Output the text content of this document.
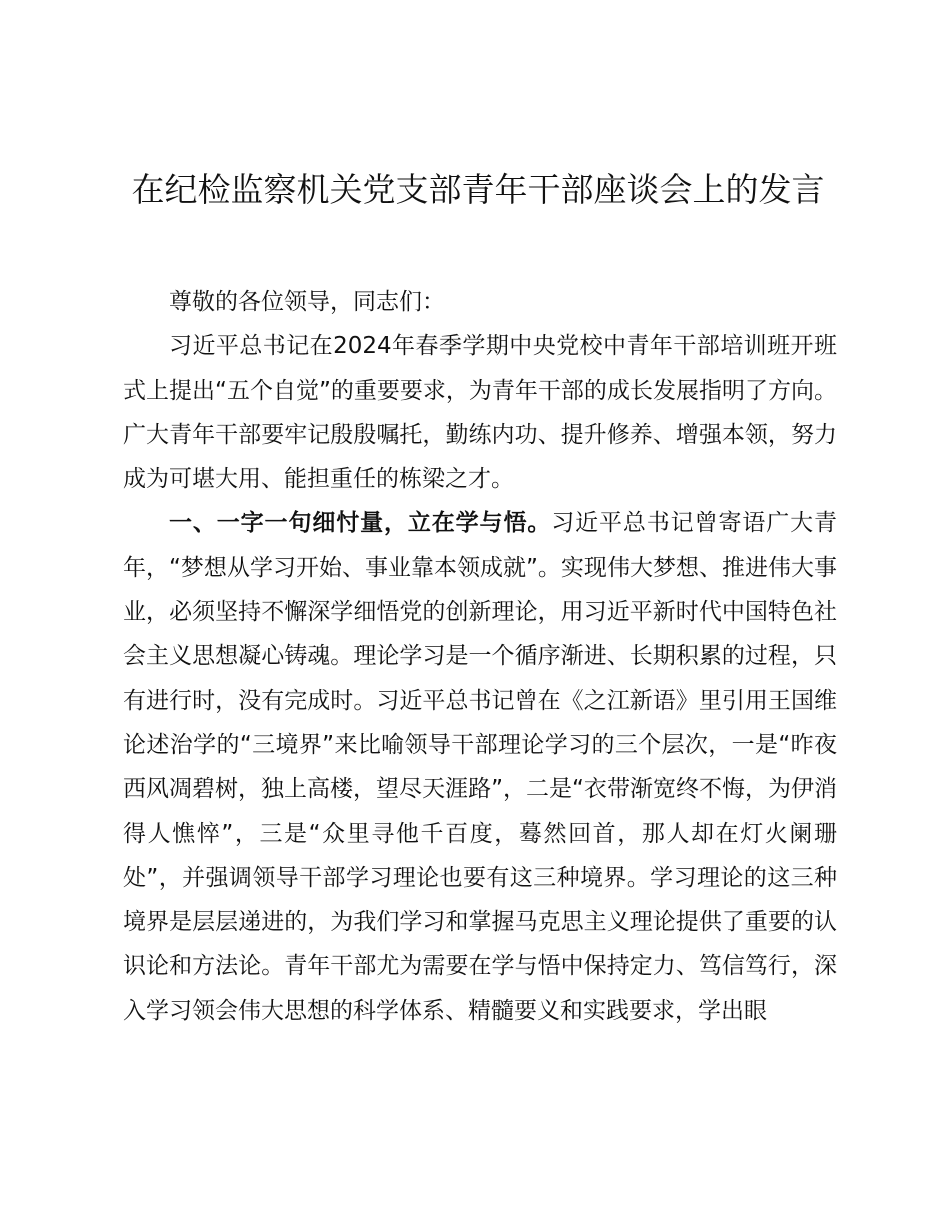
在纪检监察机关党支部青年干部座谈会上的发言

尊敬的各位领导，同志们：

习近平总书记在2024年春季学期中央党校中青年干部培训班开班式上提出“五个自觉”的重要要求，为青年干部的成长发展指明了方向。广大青年干部要牢记殷殷嘱托，勤练内功、提升修养、增强本领，努力成为可堪大用、能担重任的栋梁之才。

一、一字一句细忖量，立在学与悟。习近平总书记曾寄语广大青年，“梦想从学习开始、事业靠本领成就”。实现伟大梦想、推进伟大事业，必须坚持不懈深学细悟党的创新理论，用习近平新时代中国特色社会主义思想凝心铸魂。理论学习是一个循序渐进、长期积累的过程，只有进行时，没有完成时。习近平总书记曾在《之江新语》里引用王国维论述治学的“三境界”来比喻领导干部理论学习的三个层次，一是“昨夜西风凋碧树，独上高楼，望尽天涯路”，二是“衣带渐宽终不悔，为伊消得人憔悴”，三是“众里寻他千百度，蓦然回首，那人却在灯火阑珊处”，并强调领导干部学习理论也要有这三种境界。学习理论的这三种境界是层层递进的，为我们学习和掌握马克思主义理论提供了重要的认识论和方法论。青年干部尤为需要在学与悟中保持定力、笃信笃行，深入学习领会伟大思想的科学体系、精髓要义和实践要求，学出眼
